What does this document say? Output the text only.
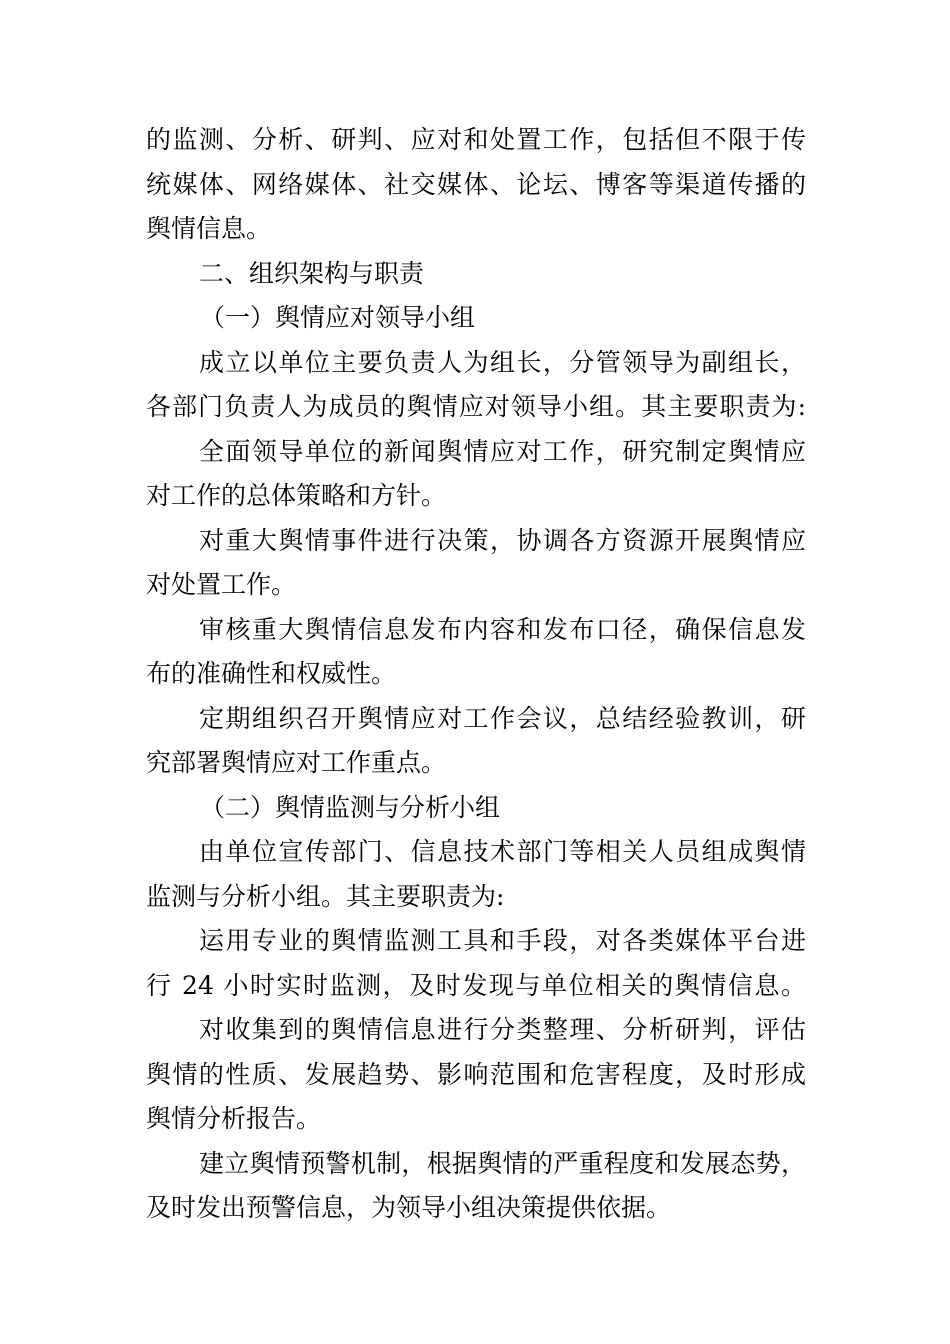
的监测、分析、研判、应对和处置工作，包括但不限于传
统媒体、网络媒体、社交媒体、论坛、博客等渠道传播的
舆情信息。
二、组织架构与职责
（一）舆情应对领导小组
成立以单位主要负责人为组长，分管领导为副组长，
各部门负责人为成员的舆情应对领导小组。其主要职责为:
全面领导单位的新闻舆情应对工作，研究制定舆情应
对工作的总体策略和方针。
对重大舆情事件进行决策，协调各方资源开展舆情应
对处置工作。
审核重大舆情信息发布内容和发布口径，确保信息发
布的准确性和权威性。
定期组织召开舆情应对工作会议，总结经验教训，研
究部署舆情应对工作重点。
（二）舆情监测与分析小组
由单位宣传部门、信息技术部门等相关人员组成舆情
监测与分析小组。其主要职责为:
运用专业的舆情监测工具和手段，对各类媒体平台进
行 24 小时实时监测，及时发现与单位相关的舆情信息。
对收集到的舆情信息进行分类整理、分析研判，评估
舆情的性质、发展趋势、影响范围和危害程度，及时形成
舆情分析报告。
建立舆情预警机制，根据舆情的严重程度和发展态势，
及时发出预警信息，为领导小组决策提供依据。
